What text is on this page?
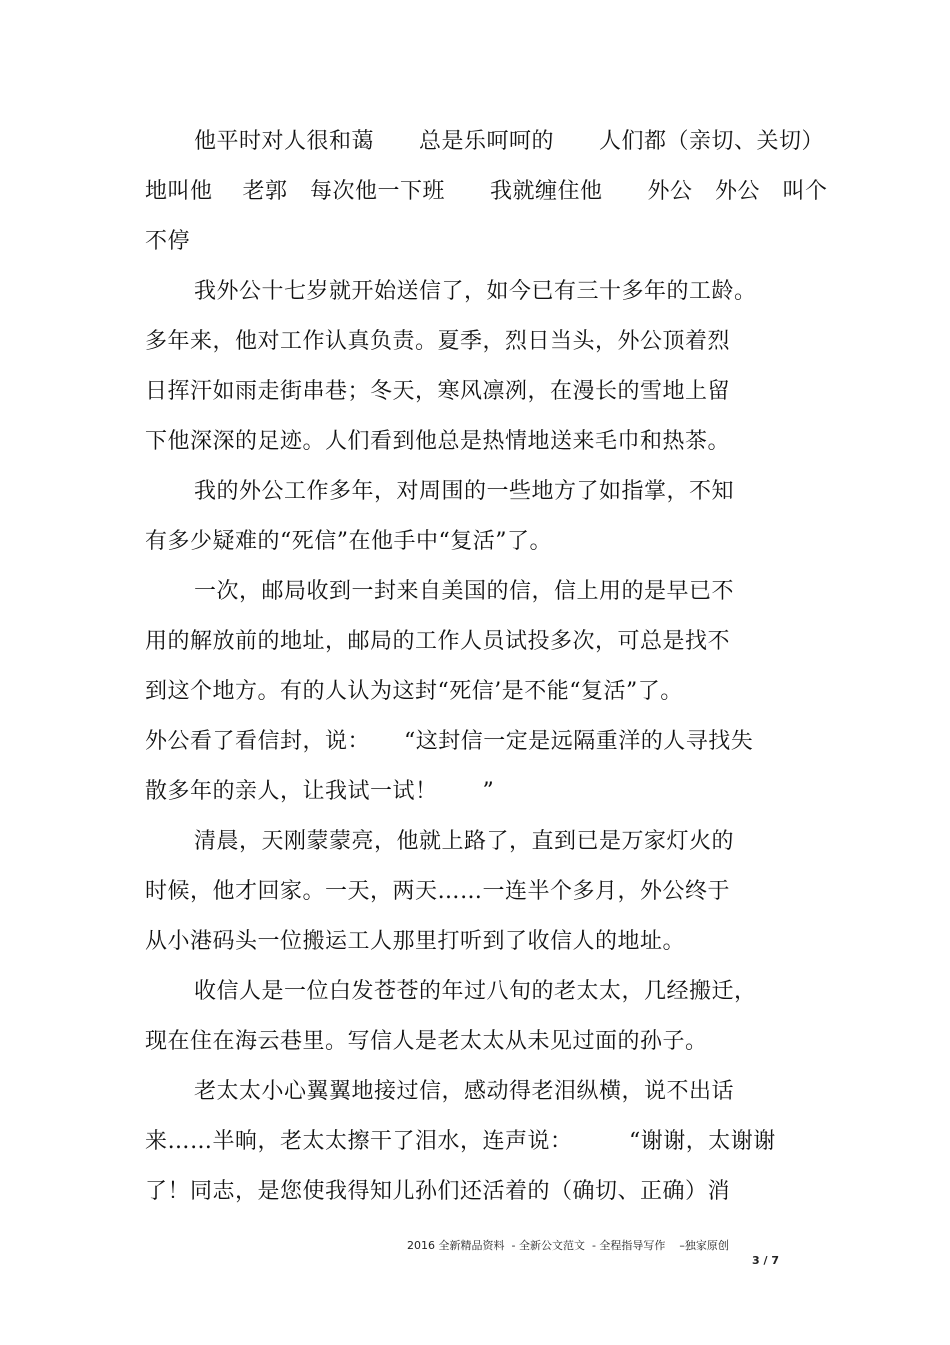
他平时对人很和蔼　　总是乐呵呵的　　人们都（亲切、关切）
地叫他　 老郭　每次他一下班　　我就缠住他　　外公　外公　叫个
不停
我外公十七岁就开始送信了，如今已有三十多年的工龄。
多年来，他对工作认真负责。夏季，烈日当头，外公顶着烈
日挥汗如雨走街串巷；冬天，寒风凛冽，在漫长的雪地上留
下他深深的足迹。人们看到他总是热情地送来毛巾和热茶。
我的外公工作多年，对周围的一些地方了如指掌，不知
有多少疑难的“死信”在他手中“复活”了。
一次，邮局收到一封来自美国的信，信上用的是早已不
用的解放前的地址，邮局的工作人员试投多次，可总是找不
到这个地方。有的人认为这封“死信’是不能“复活”了。
外公看了看信封，说：　　“这封信一定是远隔重洋的人寻找失
散多年的亲人，让我试一试！　　”
清晨，天刚蒙蒙亮，他就上路了，直到已是万家灯火的
时候，他才回家。一天，两天……一连半个多月，外公终于
从小港码头一位搬运工人那里打听到了收信人的地址。
收信人是一位白发苍苍的年过八旬的老太太，几经搬迁，
现在住在海云巷里。写信人是老太太从未见过面的孙子。
老太太小心翼翼地接过信，感动得老泪纵横，说不出话
来……半晌，老太太擦干了泪水，连声说：　　　“谢谢，太谢谢
了！同志，是您使我得知儿孙们还活着的（确切、正确）消
2016 全新精品资料  - 全新公文范文  - 全程指导写作    –独家原创
3 / 7
